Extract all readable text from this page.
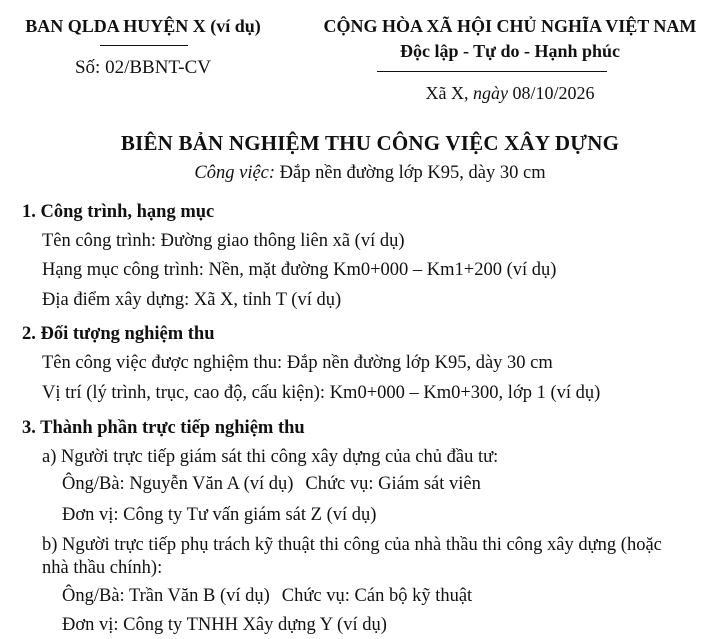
BAN QLDA HUYỆN X (ví dụ)
Số: 02/BBNT-CV
CỘNG HÒA XÃ HỘI CHỦ NGHĨA VIỆT NAM
Độc lập - Tự do - Hạnh phúc
Xã X, ngày 08/10/2026
BIÊN BẢN NGHIỆM THU CÔNG VIỆC XÂY DỰNG
Công việc: Đắp nền đường lớp K95, dày 30 cm
1. Công trình, hạng mục
Tên công trình: Đường giao thông liên xã (ví dụ)
Hạng mục công trình: Nền, mặt đường Km0+000 – Km1+200 (ví dụ)
Địa điểm xây dựng: Xã X, tỉnh T (ví dụ)
2. Đối tượng nghiệm thu
Tên công việc được nghiệm thu: Đắp nền đường lớp K95, dày 30 cm
Vị trí (lý trình, trục, cao độ, cấu kiện): Km0+000 – Km0+300, lớp 1 (ví dụ)
3. Thành phần trực tiếp nghiệm thu
a) Người trực tiếp giám sát thi công xây dựng của chủ đầu tư:
Ông/Bà: Nguyễn Văn A (ví dụ) Chức vụ: Giám sát viên
Đơn vị: Công ty Tư vấn giám sát Z (ví dụ)
b) Người trực tiếp phụ trách kỹ thuật thi công của nhà thầu thi công xây dựng (hoặc
nhà thầu chính):
Ông/Bà: Trần Văn B (ví dụ) Chức vụ: Cán bộ kỹ thuật
Đơn vị: Công ty TNHH Xây dựng Y (ví dụ)
